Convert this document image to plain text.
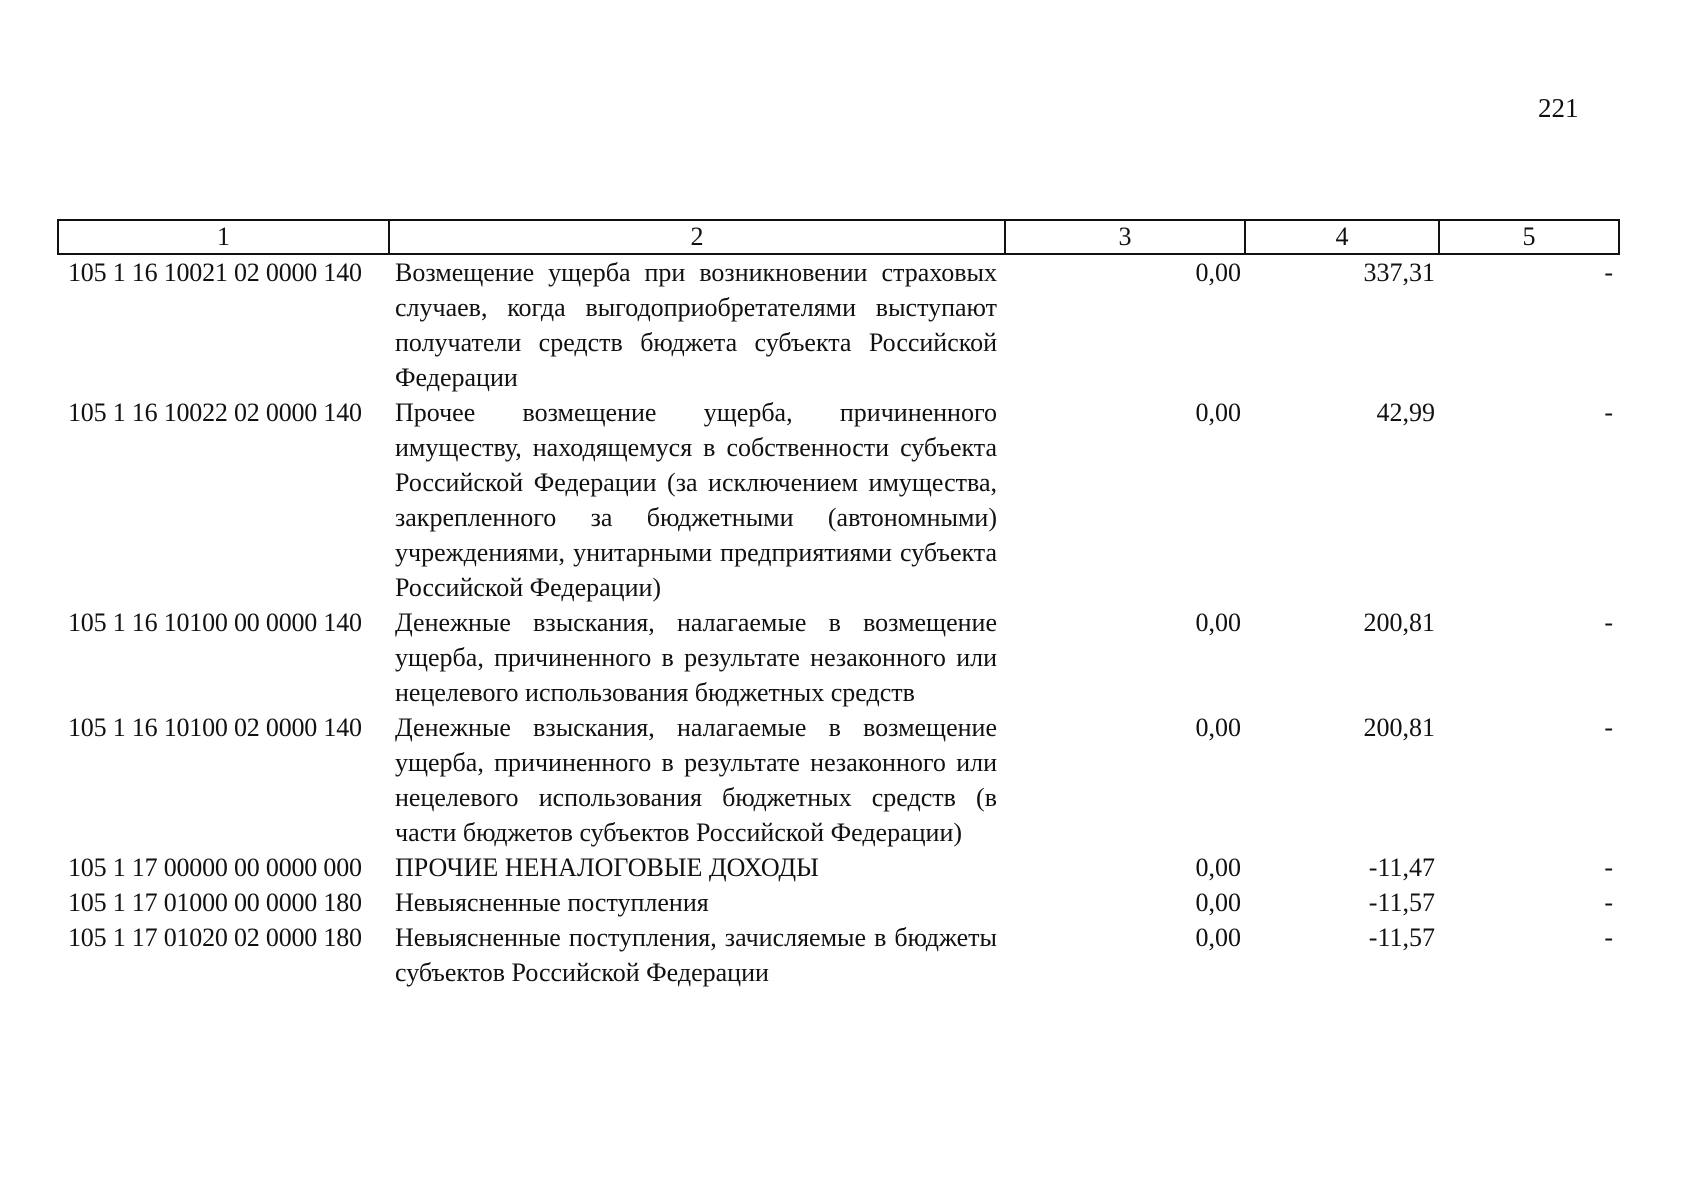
221
1	2	3	4	5
105 1 16 10021 02 0000 140	Возмещение ущерба при возникновении страховых случаев, когда выгодоприобретателями выступают получатели средств бюджета субъекта Российской Федерации	0,00	337,31	-
105 1 16 10022 02 0000 140	Прочее возмещение ущерба, причиненного имуществу, находящемуся в собственности субъекта Российской Федерации (за исключением имущества, закрепленного за бюджетными (автономными) учреждениями, унитарными предприятиями субъекта Российской Федерации)	0,00	42,99	-
105 1 16 10100 00 0000 140	Денежные взыскания, налагаемые в возмещение ущерба, причиненного в результате незаконного или нецелевого использования бюджетных средств	0,00	200,81	-
105 1 16 10100 02 0000 140	Денежные взыскания, налагаемые в возмещение ущерба, причиненного в результате незаконного или нецелевого использования бюджетных средств (в части бюджетов субъектов Российской Федерации)	0,00	200,81	-
105 1 17 00000 00 0000 000	ПРОЧИЕ НЕНАЛОГОВЫЕ ДОХОДЫ	0,00	-11,47	-
105 1 17 01000 00 0000 180	Невыясненные поступления	0,00	-11,57	-
105 1 17 01020 02 0000 180	Невыясненные поступления, зачисляемые в бюджеты субъектов Российской Федерации	0,00	-11,57	-
